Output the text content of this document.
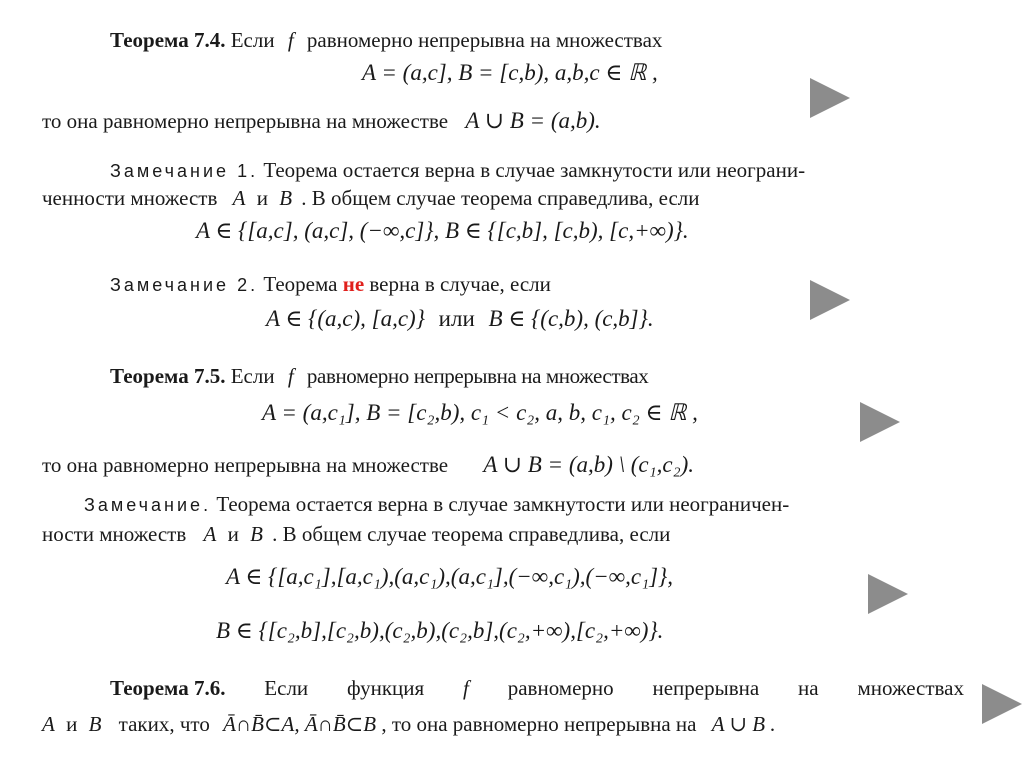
Теорема 7.4. Если f равномерно непрерывна на множествах
A = (a,c], B = [c,b), a,b,c ∈ ℝ ,
то она равномерно непрерывна на множестве A ∪ B = (a,b).
Замечание 1. Теорема остается верна в случае замкнутости или неограни-
ченности множеств A и B . В общем случае теорема справедлива, если
A ∈ {[a,c], (a,c], (−∞,c]}, B ∈ {[c,b], [c,b), [c,+∞)}.
Замечание 2. Теорема не верна в случае, если
A ∈ {(a,c), [a,c)} или B ∈ {(c,b), (c,b]}.
Теорема 7.5. Если f равномерно непрерывна на множествах
A = (a,c₁], B = [c₂,b), c₁ < c₂, a, b, c₁, c₂ ∈ ℝ ,
то она равномерно непрерывна на множестве A ∪ B = (a,b) \ (c₁,c₂).
Замечание. Теорема остается верна в случае замкнутости или неограничен-
ности множеств A и B . В общем случае теорема справедлива, если
A ∈ {[a,c₁],[a,c₁),(a,c₁),(a,c₁],(−∞,c₁),(−∞,c₁]},
B ∈ {[c₂,b],[c₂,b),(c₂,b),(c₂,b],(c₂,+∞),[c₂,+∞)}.
Теорема 7.6. Если функция f равномерно непрерывна на множествах
A и B таких, что Ā∩B̄⊂A, Ā∩B̄⊂B , то она равномерно непрерывна на A ∪ B .
